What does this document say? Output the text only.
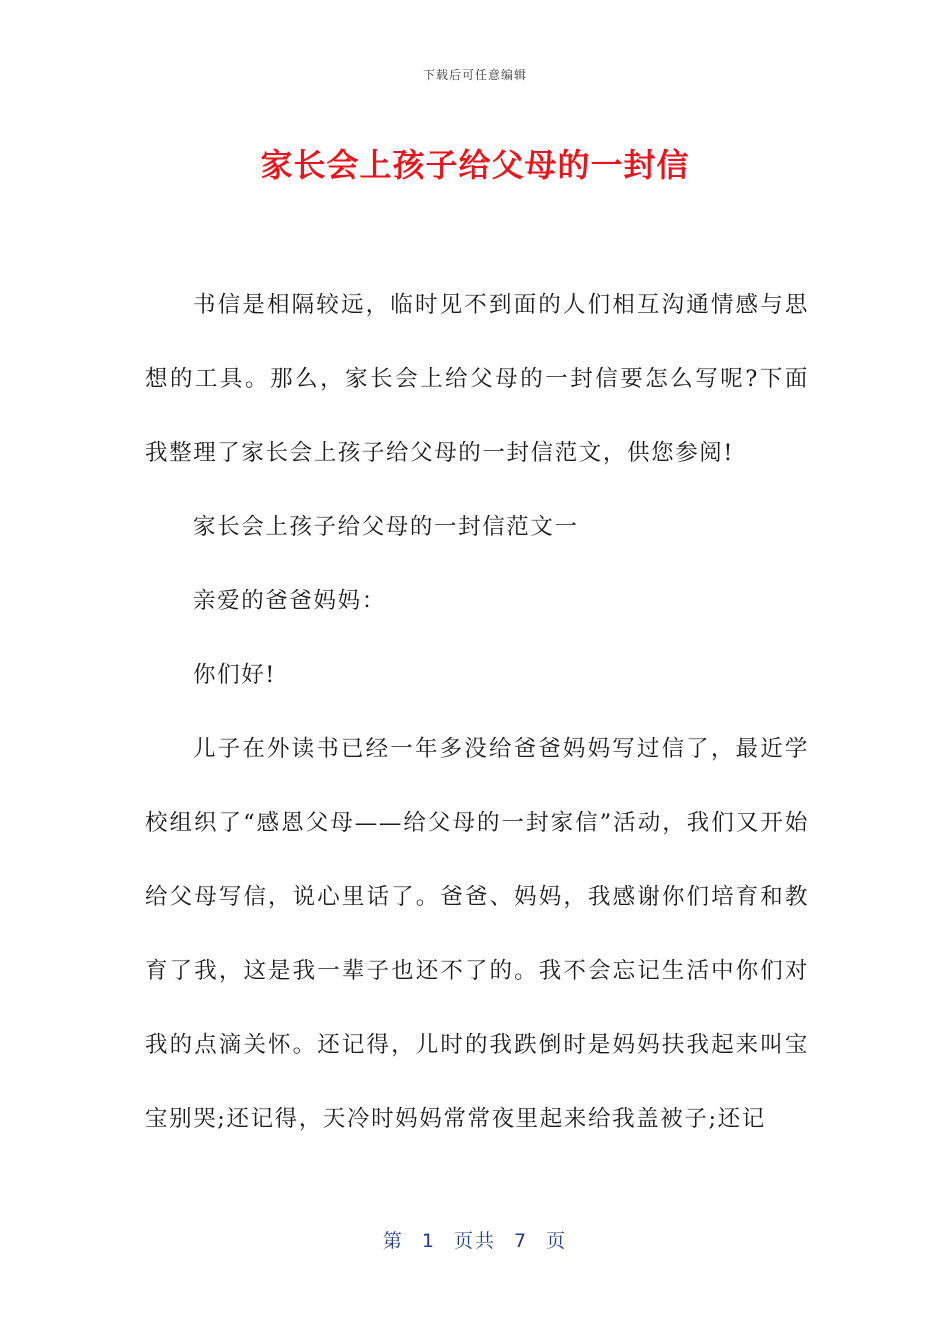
下载后可任意编辑
家长会上孩子给父母的一封信

书信是相隔较远，临时见不到面的人们相互沟通情感与思想的工具。那么，家长会上给父母的一封信要怎么写呢?下面我整理了家长会上孩子给父母的一封信范文，供您参阅!

家长会上孩子给父母的一封信范文一

亲爱的爸爸妈妈：

你们好!

儿子在外读书已经一年多没给爸爸妈妈写过信了，最近学校组织了“感恩父母——给父母的一封家信”活动，我们又开始给父母写信，说心里话了。爸爸、妈妈，我感谢你们培育和教育了我，这是我一辈子也还不了的。我不会忘记生活中你们对我的点滴关怀。还记得，儿时的我跌倒时是妈妈扶我起来叫宝宝别哭;还记得，天冷时妈妈常常夜里起来给我盖被子;还记

第 1 页共 7 页
